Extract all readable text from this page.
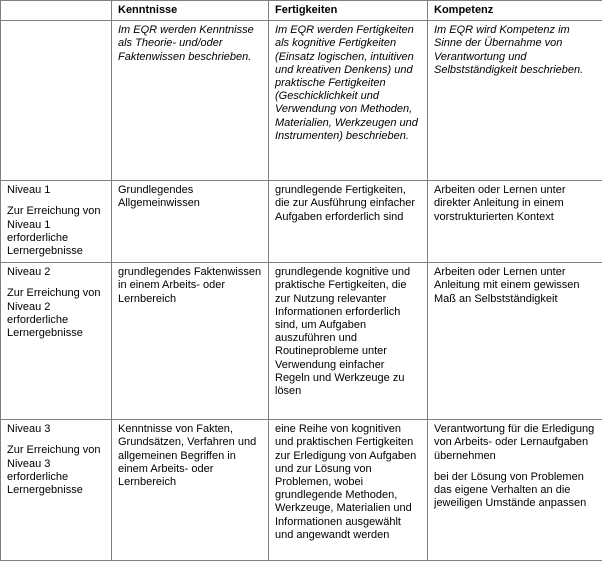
	Kenntnisse	Fertigkeiten	Kompetenz
	Im EQR werden Kenntnisse als Theorie- und/oder Faktenwissen beschrieben.	Im EQR werden Fertigkeiten als kognitive Fertigkeiten (Einsatz logischen, intuitiven und kreativen Denkens) und praktische Fertigkeiten (Geschicklichkeit und Verwendung von Methoden, Materialien, Werkzeugen und Instrumenten) beschrieben.	Im EQR wird Kompetenz im Sinne der Übernahme von Verantwortung und Selbstständigkeit beschrieben.

Niveau 1
Zur Erreichung von Niveau 1 erforderliche Lernergebnisse	Grundlegendes Allgemeinwissen	grundlegende Fertigkeiten, die zur Ausführung einfacher Aufgaben erforderlich sind	Arbeiten oder Lernen unter direkter Anleitung in einem vorstrukturierten Kontext

Niveau 2
Zur Erreichung von Niveau 2 erforderliche Lernergebnisse	grundlegendes Faktenwissen in einem Arbeits- oder Lernbereich	grundlegende kognitive und praktische Fertigkeiten, die zur Nutzung relevanter Informationen erforderlich sind, um Aufgaben auszuführen und Routineprobleme unter Verwendung einfacher Regeln und Werkzeuge zu lösen	Arbeiten oder Lernen unter Anleitung mit einem gewissen Maß an Selbstständigkeit

Niveau 3
Zur Erreichung von Niveau 3 erforderliche Lernergebnisse	Kenntnisse von Fakten, Grundsätzen, Verfahren und allgemeinen Begriffen in einem Arbeits- oder Lernbereich	eine Reihe von kognitiven und praktischen Fertigkeiten zur Erledigung von Aufgaben und zur Lösung von Problemen, wobei grundlegende Methoden, Werkzeuge, Materialien und Informationen ausgewählt und angewandt werden	Verantwortung für die Erledigung von Arbeits- oder Lernaufgaben übernehmen
bei der Lösung von Problemen das eigene Verhalten an die jeweiligen Umstände anpassen
